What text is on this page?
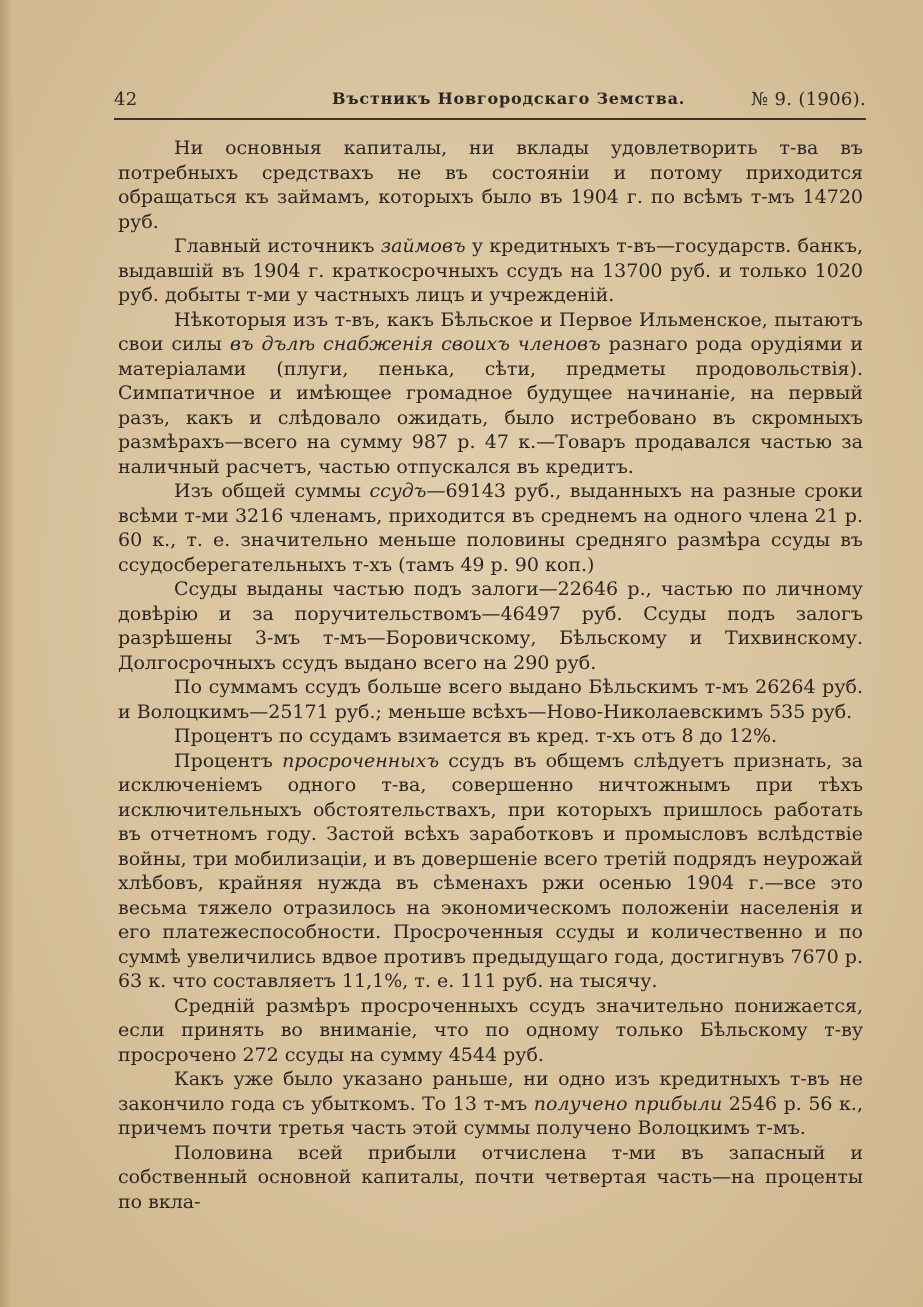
42	Въстникъ Новгородскаго Земства.	№ 9. (1906).

Ни основныя капиталы, ни вклады удовлетворить т-ва въ потребныхъ средствахъ не въ состояніи и потому приходится обращаться къ займамъ, которыхъ было въ 1904 г. по всѣмъ т-мъ 14720 руб.

Главный источникъ займовъ у кредитныхъ т-въ—государств. банкъ, выдавшій въ 1904 г. краткосрочныхъ ссудъ на 13700 руб. и только 1020 руб. добыты т-ми у частныхъ лицъ и учрежденій.

Нѣкоторыя изъ т-въ, какъ Бѣльское и Первое Ильменское, пытаютъ свои силы въ дълѣ снабженія своихъ членовъ разнаго рода орудіями и матеріалами (плуги, пенька, сѣти, предметы продовольствія). Симпатичное и имѣющее громадное будущее начинаніе, на первый разъ, какъ и слѣдовало ожидать, было истребовано въ скромныхъ размѣрахъ—всего на сумму 987 р. 47 к.—Товаръ продавался частью за наличный расчетъ, частью отпускался въ кредитъ.

Изъ общей суммы ссудъ—69143 руб., выданныхъ на разные сроки всѣми т-ми 3216 членамъ, приходится въ среднемъ на одного члена 21 р. 60 к., т. е. значительно меньше половины средняго размѣра ссуды въ ссудосберегательныхъ т-хъ (тамъ 49 р. 90 коп.)

Ссуды выданы частью подъ залоги—22646 р., частью по личному довѣрію и за поручительствомъ—46497 руб. Ссуды подъ залогъ разрѣшены 3-мъ т-мъ—Боровичскому, Бѣльскому и Тихвинскому. Долгосрочныхъ ссудъ выдано всего на 290 руб.

По суммамъ ссудъ больше всего выдано Бѣльскимъ т-мъ 26264 руб. и Волоцкимъ—25171 руб.; меньше всѣхъ—Ново-Николаевскимъ 535 руб.

Процентъ по ссудамъ взимается въ кред. т-хъ отъ 8 до 12%.

Процентъ просроченныхъ ссудъ въ общемъ слѣдуетъ признать, за исключеніемъ одного т-ва, совершенно ничтожнымъ при тѣхъ исключительныхъ обстоятельствахъ, при которыхъ пришлось работать въ отчетномъ году. Застой всѣхъ заработковъ и промысловъ вслѣдствіе войны, три мобилизаціи, и въ довершеніе всего третій подрядъ неурожай хлѣбовъ, крайняя нужда въ сѣменахъ ржи осенью 1904 г.—все это весьма тяжело отразилось на экономическомъ положеніи населенія и его платежеспособности. Просроченныя ссуды и количественно и по суммѣ увеличились вдвое противъ предыдущаго года, достигнувъ 7670 р. 63 к. что составляетъ 11,1%, т. е. 111 руб. на тысячу.

Средній размѣръ просроченныхъ ссудъ значительно понижается, если принять во вниманіе, что по одному только Бѣльскому т-ву просрочено 272 ссуды на сумму 4544 руб.

Какъ уже было указано раньше, ни одно изъ кредитныхъ т-въ не закончило года съ убыткомъ. То 13 т-мъ получено прибыли 2546 р. 56 к., причемъ почти третья часть этой суммы получено Волоцкимъ т-мъ.

Половина всей прибыли отчислена т-ми въ запасный и собственный основной капиталы, почти четвертая часть—на проценты по вкла-
